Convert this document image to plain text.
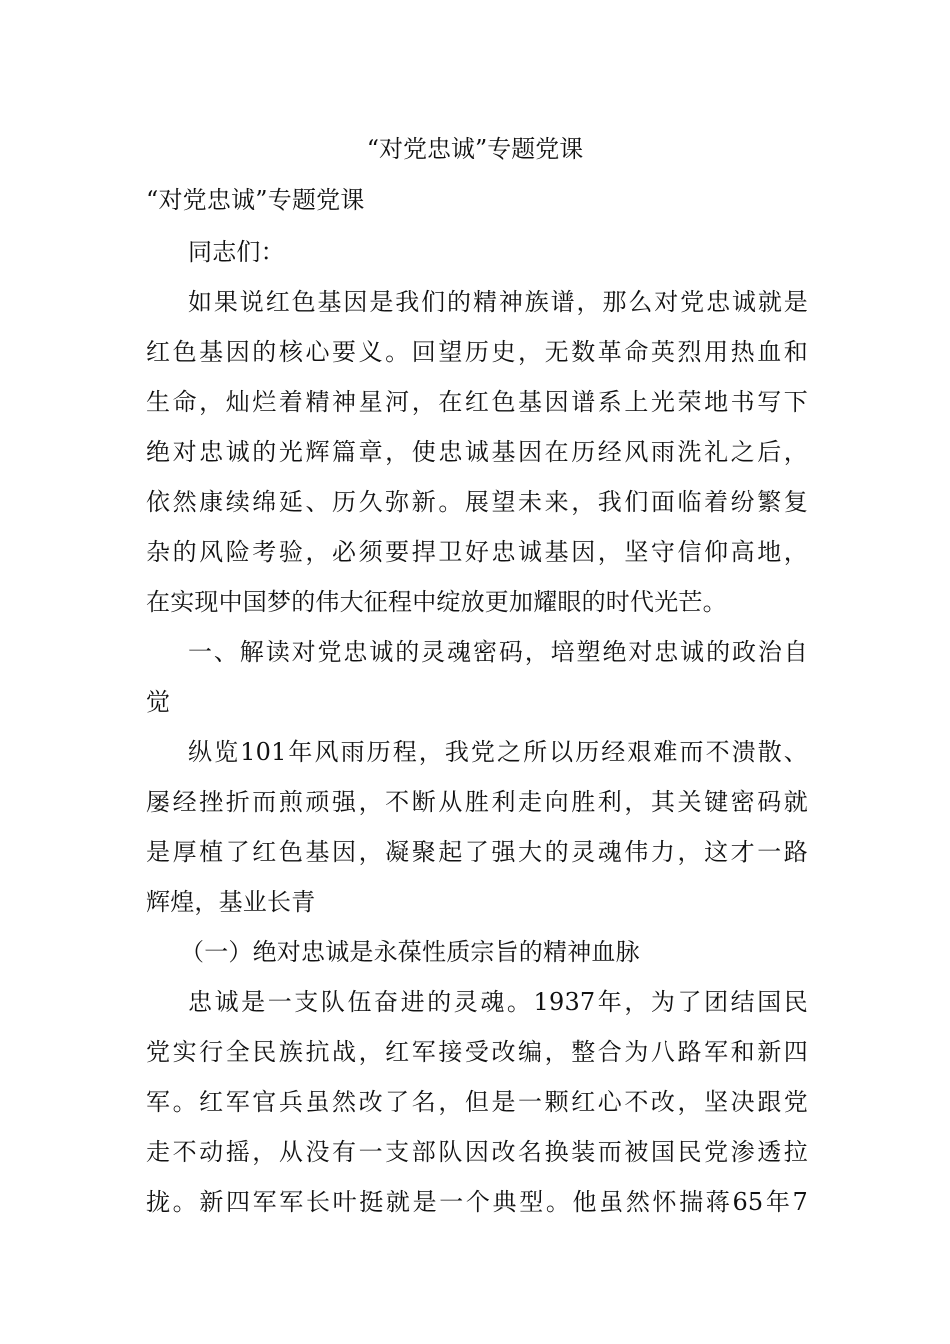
“对党忠诚”专题党课
“对党忠诚”专题党课
同志们：
如果说红色基因是我们的精神族谱，那么对党忠诚就是
红色基因的核心要义。回望历史，无数革命英烈用热血和
生命，灿烂着精神星河，在红色基因谱系上光荣地书写下
绝对忠诚的光辉篇章，使忠诚基因在历经风雨洗礼之后，
依然康续绵延、历久弥新。展望未来，我们面临着纷繁复
杂的风险考验，必须要捍卫好忠诚基因，坚守信仰高地，
在实现中国梦的伟大征程中绽放更加耀眼的时代光芒。
一、解读对党忠诚的灵魂密码，培塑绝对忠诚的政治自
觉
纵览101年风雨历程，我党之所以历经艰难而不溃散、
屡经挫折而煎顽强，不断从胜利走向胜利，其关键密码就
是厚植了红色基因，凝聚起了强大的灵魂伟力，这才一路
辉煌，基业长青
（一）绝对忠诚是永葆性质宗旨的精神血脉
忠诚是一支队伍奋进的灵魂。1937年，为了团结国民
党实行全民族抗战，红军接受改编，整合为八路军和新四
军。红军官兵虽然改了名，但是一颗红心不改，坚决跟党
走不动摇，从没有一支部队因改名换装而被国民党渗透拉
拢。新四军军长叶挺就是一个典型。他虽然怀揣蒋65年7
